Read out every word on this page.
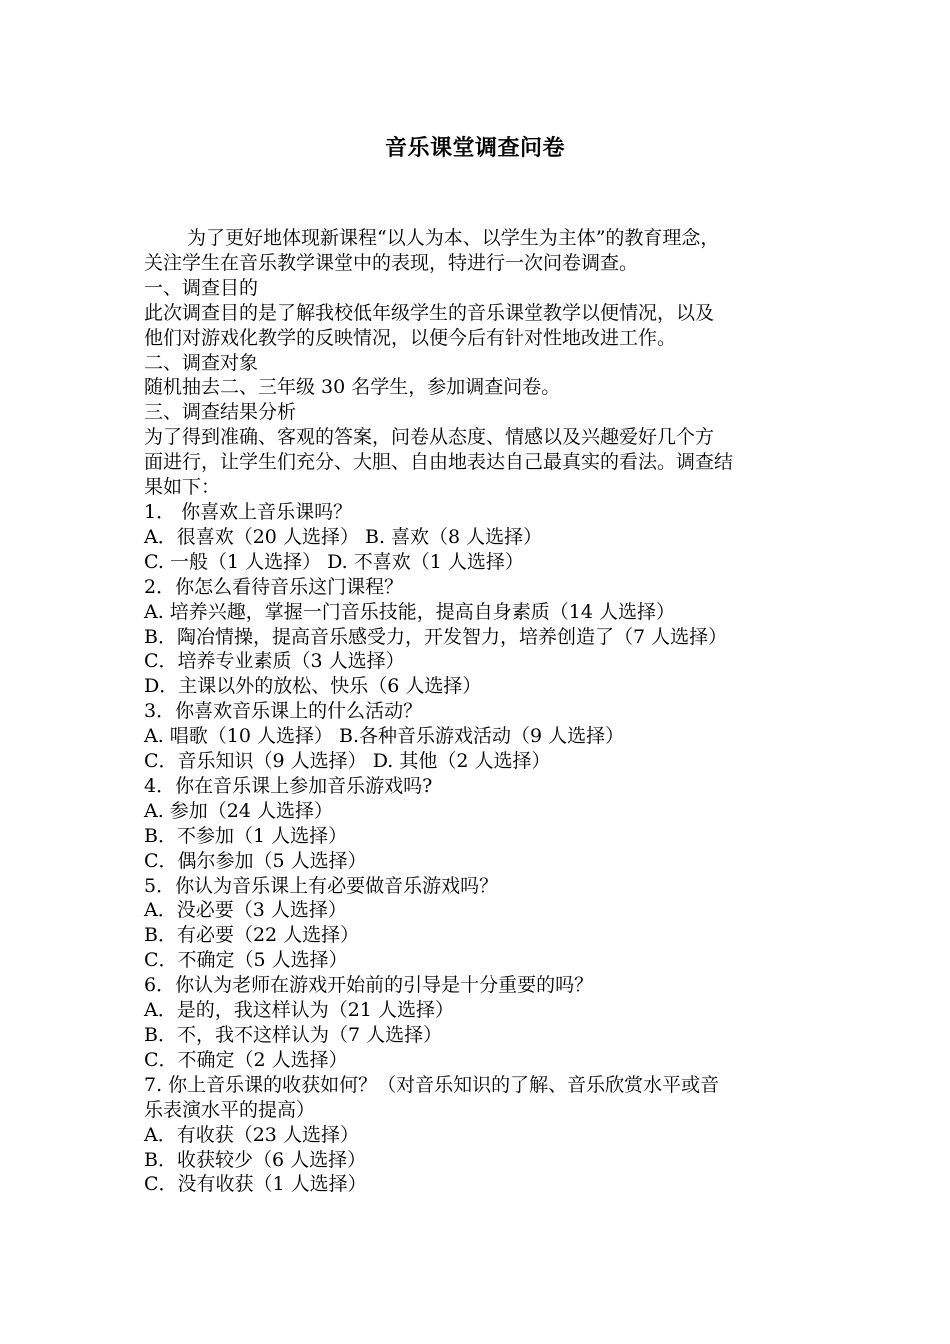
音乐课堂调查问卷

为了更好地体现新课程“以人为本、以学生为主体”的教育理念，

关注学生在音乐教学课堂中的表现，特进行一次问卷调查。

一、调查目的

此次调查目的是了解我校低年级学生的音乐课堂教学以便情况，以及

他们对游戏化教学的反映情况，以便今后有针对性地改进工作。

二、调查对象

随机抽去二、三年级 30 名学生，参加调查问卷。

三、调查结果分析

为了得到准确、客观的答案，问卷从态度、情感以及兴趣爱好几个方

面进行，让学生们充分、大胆、自由地表达自己最真实的看法。调查结

果如下：

1． 你喜欢上音乐课吗？

A．很喜欢（20 人选择） B. 喜欢（8 人选择）

C. 一般（1 人选择） D. 不喜欢（1 人选择）

2．你怎么看待音乐这门课程？

A. 培养兴趣，掌握一门音乐技能，提高自身素质（14 人选择）

B．陶冶情操，提高音乐感受力，开发智力，培养创造了（7 人选择）

C．培养专业素质（3 人选择）

D．主课以外的放松、快乐（6 人选择）

3．你喜欢音乐课上的什么活动？

A. 唱歌（10 人选择） B.各种音乐游戏活动（9 人选择）

C．音乐知识（9 人选择） D. 其他（2 人选择）

4．你在音乐课上参加音乐游戏吗?

A. 参加（24 人选择）

B．不参加（1 人选择）

C．偶尔参加（5 人选择）

5．你认为音乐课上有必要做音乐游戏吗？

A．没必要（3 人选择）

B．有必要（22 人选择）

C．不确定（5 人选择）

6．你认为老师在游戏开始前的引导是十分重要的吗？

A．是的，我这样认为（21 人选择）

B．不，我不这样认为（7 人选择）

C．不确定（2 人选择）

7. 你上音乐课的收获如何？（对音乐知识的了解、音乐欣赏水平或音

乐表演水平的提高）

A．有收获（23 人选择）

B．收获较少（6 人选择）

C．没有收获（1 人选择）
